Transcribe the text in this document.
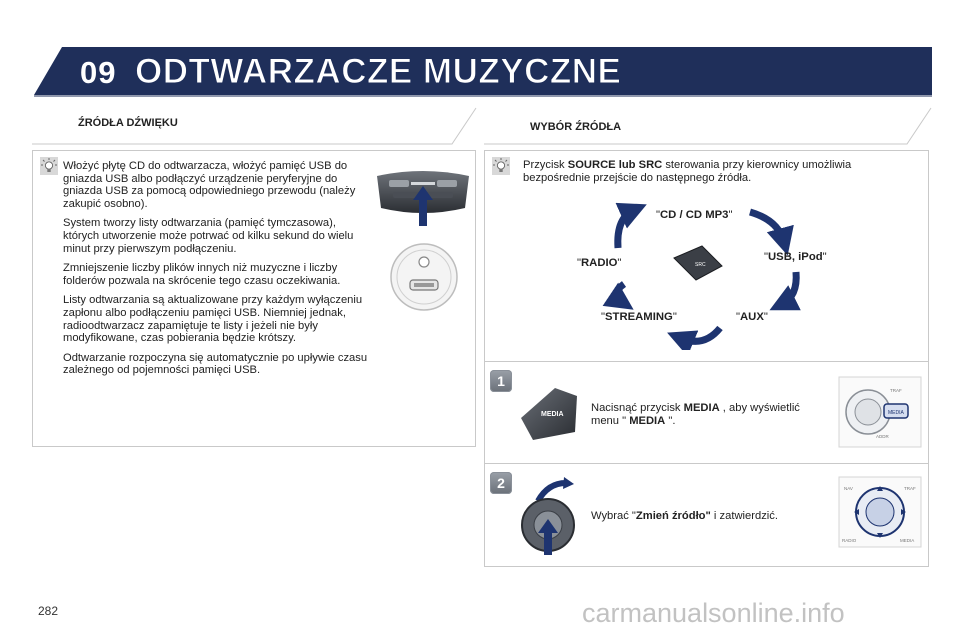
09 ODTWARZACZE MUZYCZNE
ŹRÓDŁA DŹWIĘKU	WYBÓR ŹRÓDŁA

Włożyć płytę CD do odtwarzacza, włożyć pamięć USB do gniazda USB albo podłączyć urządzenie peryferyjne do gniazda USB za pomocą odpowiedniego przewodu (należy zakupić osobno).

System tworzy listy odtwarzania (pamięć tymczasowa), których utworzenie może potrwać od kilku sekund do wielu minut przy pierwszym podłączeniu.

Zmniejszenie liczby plików innych niż muzyczne i liczby folderów pozwala na skrócenie tego czasu oczekiwania.

Listy odtwarzania są aktualizowane przy każdym wyłączeniu zapłonu albo podłączeniu pamięci USB. Niemniej jednak, radioodtwarzacz zapamiętuje te listy i jeżeli nie były modyfikowane, czas pobierania będzie krótszy.

Odtwarzanie rozpoczyna się automatycznie po upływie czasu zależnego od pojemności pamięci USB.

Przycisk SOURCE lub SRC sterowania przy kierownicy umożliwia bezpośrednie przejście do następnego źródła.
SRC
"CD / CD MP3"
"USB, iPod"
"RADIO"
"AUX"
"STREAMING"
1
MEDIA
Nacisnąć przycisk MEDIA , aby wyświetlić menu " MEDIA ".
MEDIA
TRAF
ADDR
2
Wybrać "Zmień źródło" i zatwierdzić.
NAV	TRAF
RADIO	MEDIA
282	carmanualsonline.info
